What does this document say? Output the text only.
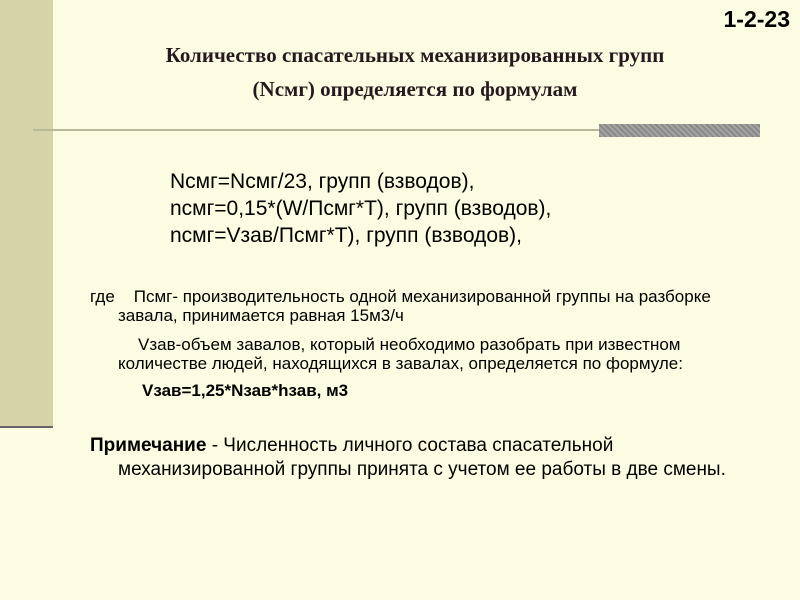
1-2-23
Количество спасательных механизированных групп
(Nсмг) определяется по формулам
Nсмг=Nсмг/23, групп (взводов),
nсмг=0,15*(W/Псмг*T), групп (взводов),
nсмг=Vзав/Псмг*T), групп (взводов),

где Псмг- производительность одной механизированной группы на разборке завала, принимается равная 15м3/ч

Vзав-объем завалов, который необходимо разобрать при известном количестве людей, находящихся в завалах, определяется по формуле:

Vзав=1,25*Nзав*hзав, м3

Примечание - Численность личного состава спасательной механизированной группы принята с учетом ее работы в две смены.
